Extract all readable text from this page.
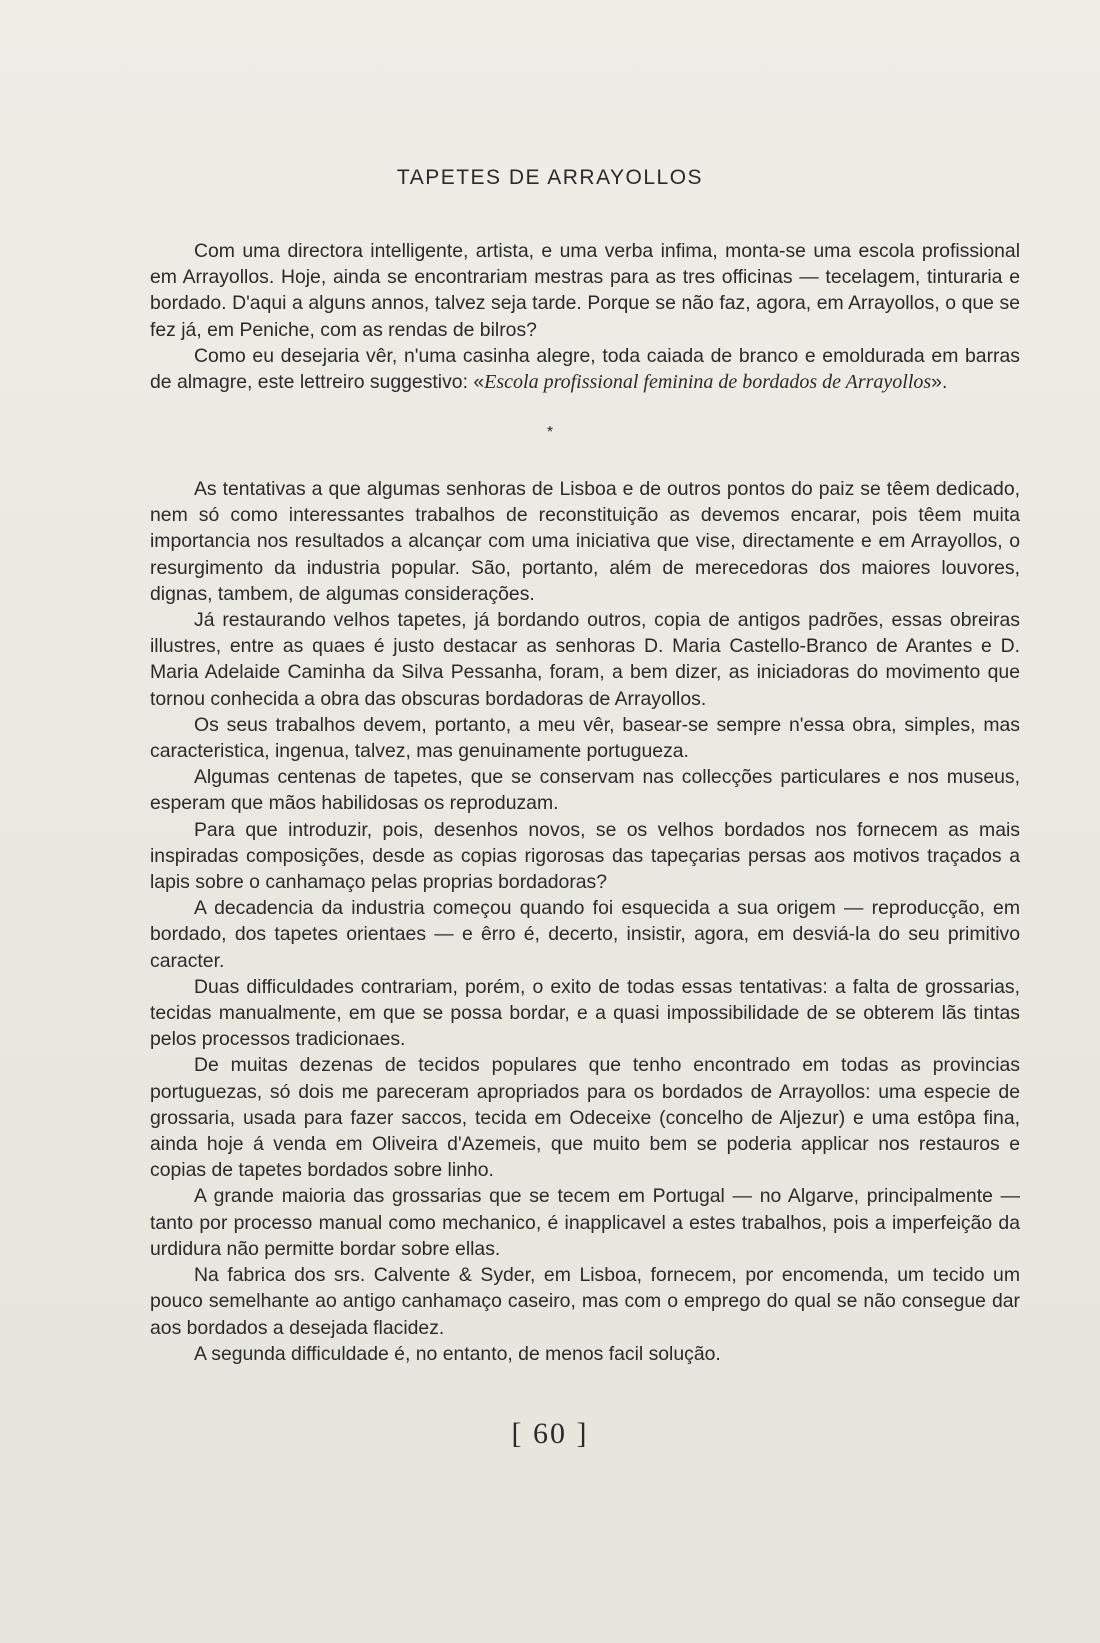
TAPETES DE ARRAYOLLOS

Com uma directora intelligente, artista, e uma verba infima, monta-se uma escola profissional em Arrayollos. Hoje, ainda se encontrariam mestras para as tres officinas — tecelagem, tinturaria e bordado. D'aqui a alguns annos, talvez seja tarde. Porque se não faz, agora, em Arrayollos, o que se fez já, em Peniche, com as rendas de bilros?

Como eu desejaria vêr, n'uma casinha alegre, toda caiada de branco e emoldurada em barras de almagre, este lettreiro suggestivo: «Escola profissional feminina de bordados de Arrayollos».

*

As tentativas a que algumas senhoras de Lisboa e de outros pontos do paiz se têem dedicado, nem só como interessantes trabalhos de reconstituição as devemos encarar, pois têem muita importancia nos resultados a alcançar com uma iniciativa que vise, directamente e em Arrayollos, o resurgimento da industria popular. São, portanto, além de merecedoras dos maiores louvores, dignas, tambem, de algumas considerações.

Já restaurando velhos tapetes, já bordando outros, copia de antigos padrões, essas obreiras illustres, entre as quaes é justo destacar as senhoras D. Maria Castello-Branco de Arantes e D. Maria Adelaide Caminha da Silva Pessanha, foram, a bem dizer, as iniciadoras do movimento que tornou conhecida a obra das obscuras bordadoras de Arrayollos.

Os seus trabalhos devem, portanto, a meu vêr, basear-se sempre n'essa obra, simples, mas caracteristica, ingenua, talvez, mas genuinamente portugueza.

Algumas centenas de tapetes, que se conservam nas collecções particulares e nos museus, esperam que mãos habilidosas os reproduzam.

Para que introduzir, pois, desenhos novos, se os velhos bordados nos fornecem as mais inspiradas composições, desde as copias rigorosas das tapeçarias persas aos motivos traçados a lapis sobre o canhamaço pelas proprias bordadoras?

A decadencia da industria começou quando foi esquecida a sua origem — reproducção, em bordado, dos tapetes orientaes — e êrro é, decerto, insistir, agora, em desviá-la do seu primitivo caracter.

Duas difficuldades contrariam, porém, o exito de todas essas tentativas: a falta de grossarias, tecidas manualmente, em que se possa bordar, e a quasi impossibilidade de se obterem lãs tintas pelos processos tradicionaes.

De muitas dezenas de tecidos populares que tenho encontrado em todas as provincias portuguezas, só dois me pareceram apropriados para os bordados de Arrayollos: uma especie de grossaria, usada para fazer saccos, tecida em Odeceixe (concelho de Aljezur) e uma estôpa fina, ainda hoje á venda em Oliveira d'Azemeis, que muito bem se poderia applicar nos restauros e copias de tapetes bordados sobre linho.

A grande maioria das grossarias que se tecem em Portugal — no Algarve, principalmente — tanto por processo manual como mechanico, é inapplicavel a estes trabalhos, pois a imperfeição da urdidura não permitte bordar sobre ellas.

Na fabrica dos srs. Calvente & Syder, em Lisboa, fornecem, por encomenda, um tecido um pouco semelhante ao antigo canhamaço caseiro, mas com o emprego do qual se não consegue dar aos bordados a desejada flacidez.

A segunda difficuldade é, no entanto, de menos facil solução.

[ 60 ]
